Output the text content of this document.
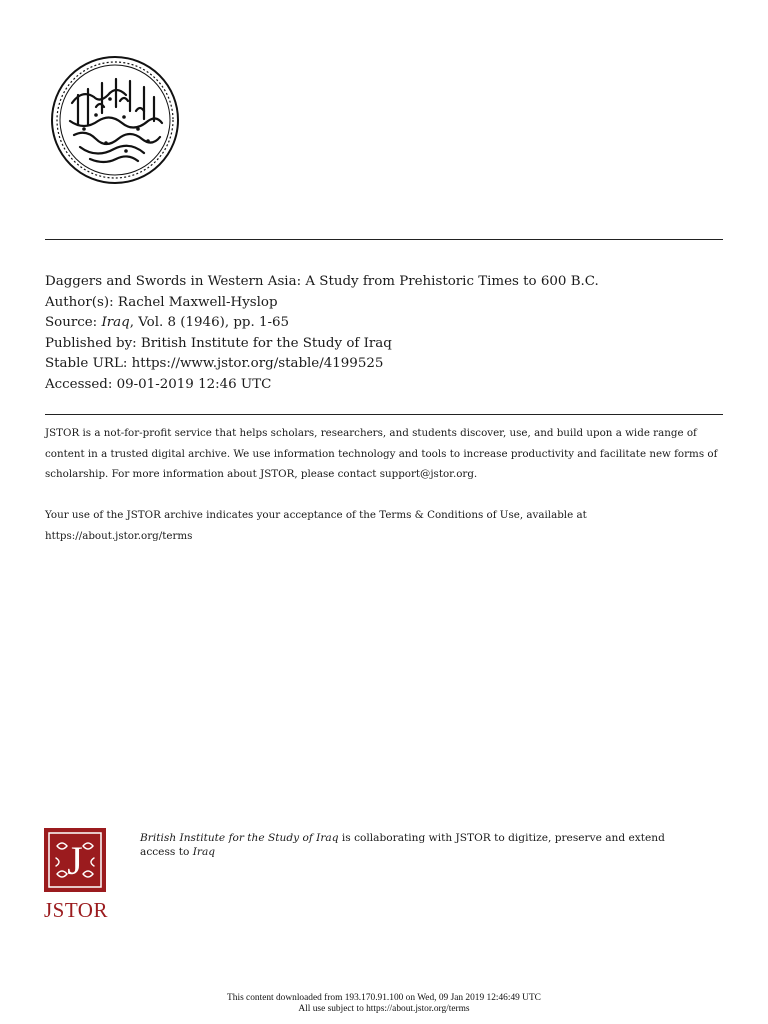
Daggers and Swords in Western Asia: A Study from Prehistoric Times to 600 B.C.
Author(s): Rachel Maxwell-Hyslop
Source: Iraq, Vol. 8 (1946), pp. 1-65
Published by: British Institute for the Study of Iraq
Stable URL: https://www.jstor.org/stable/4199525
Accessed: 09-01-2019 12:46 UTC

JSTOR is a not-for-profit service that helps scholars, researchers, and students discover, use, and build upon a wide range of content in a trusted digital archive. We use information technology and tools to increase productivity and facilitate new forms of scholarship. For more information about JSTOR, please contact support@jstor.org.

Your use of the JSTOR archive indicates your acceptance of the Terms & Conditions of Use, available at https://about.jstor.org/terms

J
JSTOR
British Institute for the Study of Iraq is collaborating with JSTOR to digitize, preserve and extend access to Iraq
This content downloaded from 193.170.91.100 on Wed, 09 Jan 2019 12:46:49 UTC
All use subject to https://about.jstor.org/terms
